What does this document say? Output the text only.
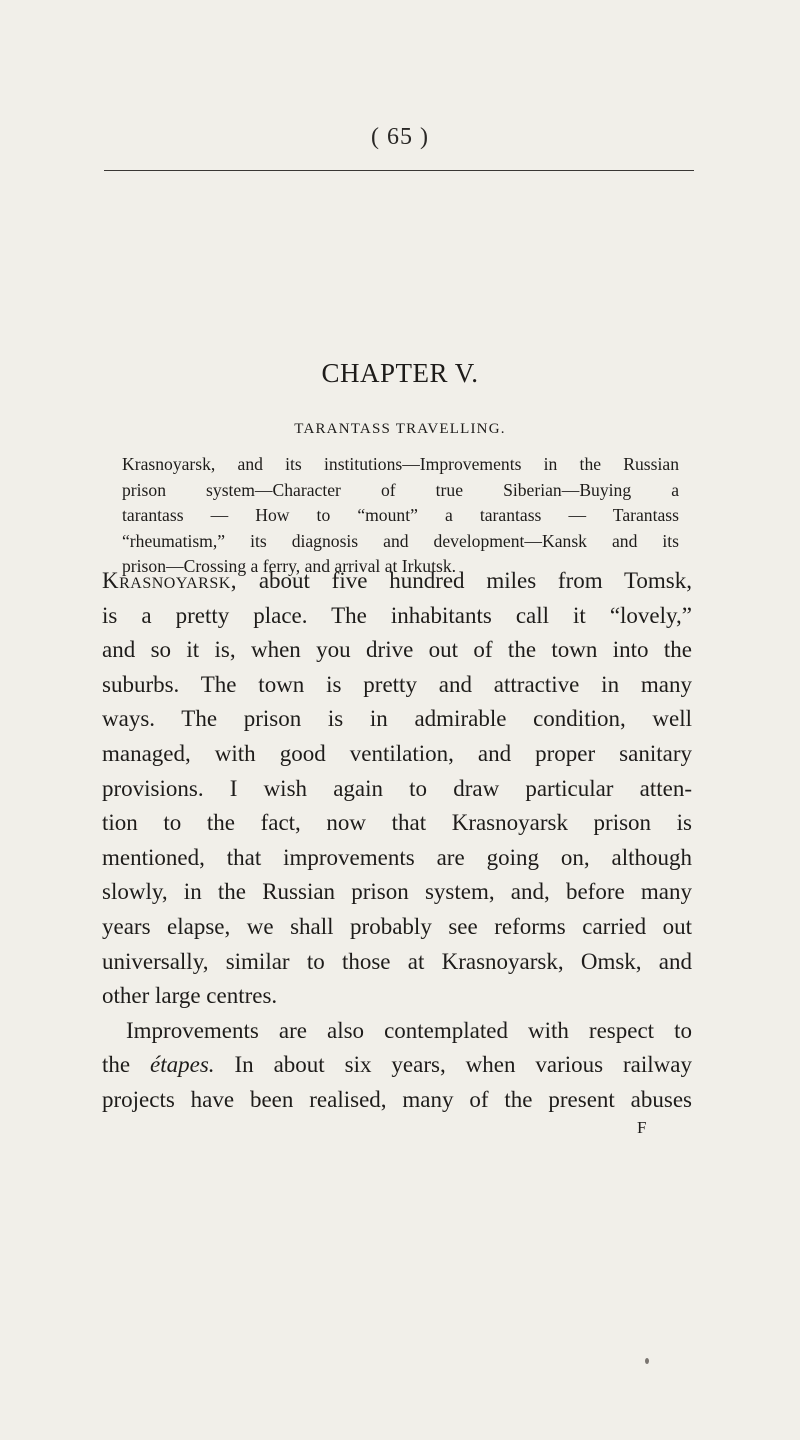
( 65 )
CHAPTER V.
TARANTASS TRAVELLING.
Krasnoyarsk, and its institutions—Improvements in the Russian
prison system—Character of true Siberian—Buying a
tarantass — How to “mount” a tarantass — Tarantass
“rheumatism,” its diagnosis and development—Kansk and its
prison—Crossing a ferry, and arrival at Irkutsk.
Krasnoyarsk, about five hundred miles from Tomsk,
is a pretty place. The inhabitants call it “lovely,”
and so it is, when you drive out of the town into the
suburbs. The town is pretty and attractive in many
ways. The prison is in admirable condition, well
managed, with good ventilation, and proper sanitary
provisions. I wish again to draw particular atten-
tion to the fact, now that Krasnoyarsk prison is
mentioned, that improvements are going on, although
slowly, in the Russian prison system, and, before many
years elapse, we shall probably see reforms carried out
universally, similar to those at Krasnoyarsk, Omsk, and
other large centres.
Improvements are also contemplated with respect to
the étapes. In about six years, when various railway
projects have been realised, many of the present abuses
F
